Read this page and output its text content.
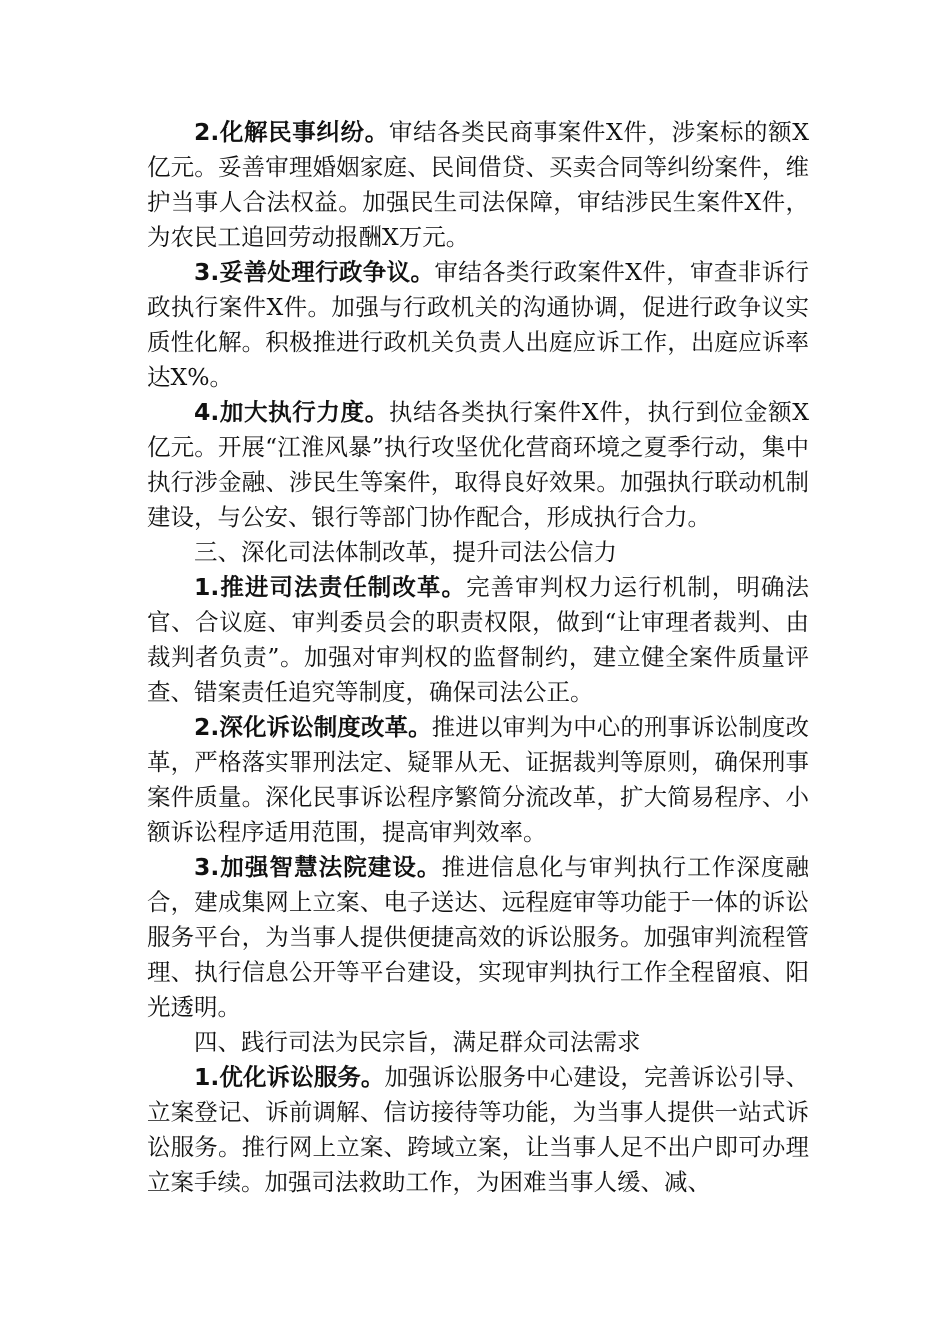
2.化解民事纠纷。审结各类民商事案件X件，涉案标的额X亿元。妥善审理婚姻家庭、民间借贷、买卖合同等纠纷案件，维护当事人合法权益。加强民生司法保障，审结涉民生案件X件，为农民工追回劳动报酬X万元。

3.妥善处理行政争议。审结各类行政案件X件，审查非诉行政执行案件X件。加强与行政机关的沟通协调，促进行政争议实质性化解。积极推进行政机关负责人出庭应诉工作，出庭应诉率达X%。

4.加大执行力度。执结各类执行案件X件，执行到位金额X亿元。开展“江淮风暴”执行攻坚优化营商环境之夏季行动，集中执行涉金融、涉民生等案件，取得良好效果。加强执行联动机制建设，与公安、银行等部门协作配合，形成执行合力。

三、深化司法体制改革，提升司法公信力

1.推进司法责任制改革。完善审判权力运行机制，明确法官、合议庭、审判委员会的职责权限，做到“让审理者裁判、由裁判者负责”。加强对审判权的监督制约，建立健全案件质量评查、错案责任追究等制度，确保司法公正。

2.深化诉讼制度改革。推进以审判为中心的刑事诉讼制度改革，严格落实罪刑法定、疑罪从无、证据裁判等原则，确保刑事案件质量。深化民事诉讼程序繁简分流改革，扩大简易程序、小额诉讼程序适用范围，提高审判效率。

3.加强智慧法院建设。推进信息化与审判执行工作深度融合，建成集网上立案、电子送达、远程庭审等功能于一体的诉讼服务平台，为当事人提供便捷高效的诉讼服务。加强审判流程管理、执行信息公开等平台建设，实现审判执行工作全程留痕、阳光透明。

四、践行司法为民宗旨，满足群众司法需求

1.优化诉讼服务。加强诉讼服务中心建设，完善诉讼引导、立案登记、诉前调解、信访接待等功能，为当事人提供一站式诉讼服务。推行网上立案、跨域立案，让当事人足不出户即可办理立案手续。加强司法救助工作，为困难当事人缓、减、
